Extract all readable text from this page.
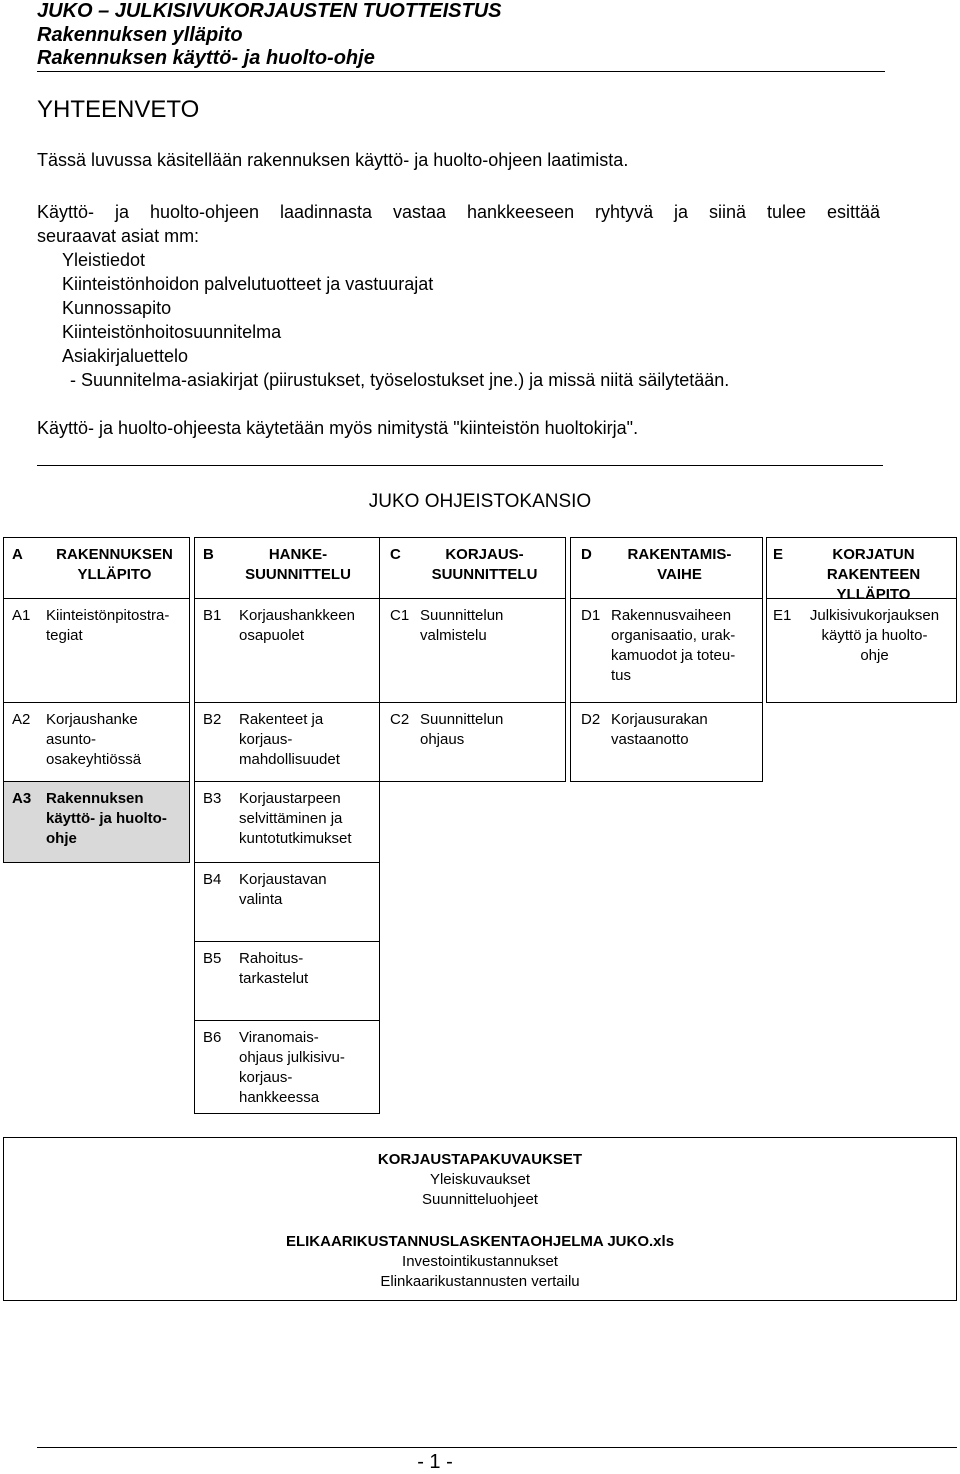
JUKO – JULKISIVUKORJAUSTEN TUOTTEISTUS
Rakennuksen ylläpito
Rakennuksen käyttö- ja huolto-ohje
YHTEENVETO
Tässä luvussa käsitellään rakennuksen käyttö- ja huolto-ohjeen laatimista.
Käyttö- ja huolto-ohjeen laadinnasta vastaa hankkeeseen ryhtyvä ja siinä tulee esittää
seuraavat asiat mm:
Yleistiedot
Kiinteistönhoidon palvelutuotteet ja vastuurajat
Kunnossapito
Kiinteistönhoitosuunnitelma
Asiakirjaluettelo
- Suunnitelma-asiakirjat (piirustukset, työselostukset jne.) ja missä niitä säilytetään.
Käyttö- ja huolto-ohjeesta käytetään myös nimitystä "kiinteistön huoltokirja".
JUKO OHJEISTOKANSIO
A	RAKENNUKSEN
YLLÄPITO
A1 Kiinteistönpitostra-
tegiat
A2 Korjaushanke
asunto-
osakeyhtiössä
A3 Rakennuksen
käyttö- ja huolto-
ohje
B	HANKE-
SUUNNITTELU
B1 Korjaushankkeen
osapuolet
B2 Rakenteet ja
korjaus-
mahdollisuudet
B3 Korjaustarpeen
selvittäminen ja
kuntotutkimukset
B4 Korjaustavan
valinta
B5 Rahoitus-
tarkastelut
B6 Viranomais-
ohjaus julkisivu-
korjaus-
hankkeessa
C	KORJAUS-
SUUNNITTELU
C1 Suunnittelun
valmistelu
C2 Suunnittelun
ohjaus
D	RAKENTAMIS-
VAIHE
D1 Rakennusvaiheen
organisaatio, urak-
kamuodot ja toteu-
tus
D2 Korjausurakan
vastaanotto
E	KORJATUN
RAKENTEEN
YLLÄPITO
E1	Julkisivukorjauksen
käyttö ja huolto-
ohje
KORJAUSTAPAKUVAUKSET
Yleiskuvaukset
Suunnitteluohjeet
ELIKAARIKUSTANNUSLASKENTAOHJELMA JUKO.xls
Investointikustannukset
Elinkaarikustannusten vertailu
- 1 -
